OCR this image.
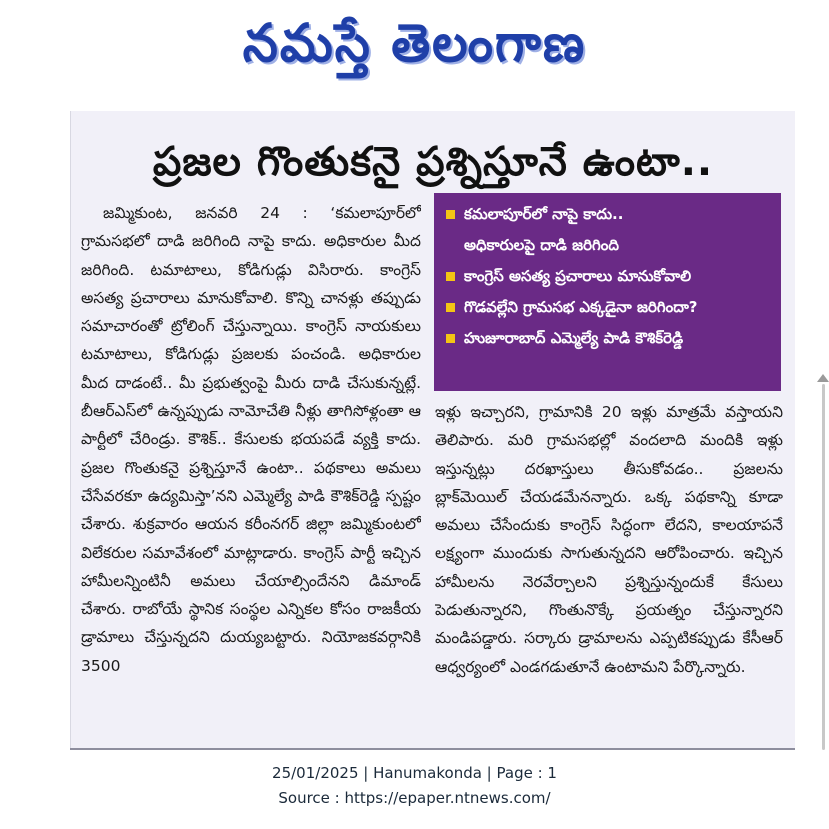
నమస్తే తెలంగాణ
ప్రజల గొంతుకనై ప్రశ్నిస్తూనే ఉంటా..
జమ్మికుంట, జనవరి 24 : ‘కమలాపూర్‌లో గ్రామసభలో దాడి జరిగింది నాపై కాదు. అధికారుల మీద జరిగింది. టమాటాలు, కోడిగుడ్లు విసిరారు. కాంగ్రెస్ అసత్య ప్రచారాలు మానుకోవాలి. కొన్ని చానళ్లు తప్పుడు సమాచారంతో ట్రోలింగ్ చేస్తున్నాయి. కాంగ్రెస్ నాయకులు టమాటాలు, కోడిగుడ్లు ప్రజలకు పంచండి. అధికారుల మీద దాడంటే.. మీ ప్రభుత్వంపై మీరు దాడి చేసుకున్నట్లే. బీఆర్‌ఎస్‌లో ఉన్నప్పుడు నామోచేతి నీళ్లు తాగిసోళ్లంతా ఆ పార్టీలో చేరిండ్రు. కౌశిక్.. కేసులకు భయపడే వ్యక్తి కాదు. ప్రజల గొంతుకనై ప్రశ్నిస్తూనే ఉంటా.. పథకాలు అమలు చేసేవరకూ ఉద్యమిస్తా’నని ఎమ్మెల్యే పాడి కౌశిక్‌రెడ్డి స్పష్టం చేశారు. శుక్రవారం ఆయన కరీంనగర్ జిల్లా జమ్మికుంటలో విలేకరుల సమావేశంలో మాట్లాడారు. కాంగ్రెస్ పార్టీ ఇచ్చిన హామీలన్నింటినీ అమలు చేయాల్సిందేనని డిమాండ్ చేశారు. రాబోయే స్థానిక సంస్థల ఎన్నికల కోసం రాజకీయ డ్రామాలు చేస్తున్నదని దుయ్యబట్టారు. నియోజకవర్గానికి 3500
కమలాపూర్‌లో నాపై కాదు..
అధికారులపై దాడి జరిగింది
కాంగ్రెస్ అసత్య ప్రచారాలు మానుకోవాలి
గొడవల్లేని గ్రామసభ ఎక్కడైనా జరిగిందా?
హుజూరాబాద్ ఎమ్మెల్యే పాడి కౌశిక్‌రెడ్డి
ఇళ్లు ఇచ్చారని, గ్రామానికి 20 ఇళ్లు మాత్రమే వస్తాయని తెలిపారు. మరి గ్రామసభల్లో వందలాది మందికి ఇళ్లు ఇస్తున్నట్లు దరఖాస్తులు తీసుకోవడం.. ప్రజలను బ్లాక్‌మెయిల్ చేయడమేనన్నారు. ఒక్క పథకాన్ని కూడా అమలు చేసేందుకు కాంగ్రెస్ సిద్ధంగా లేదని, కాలయాపనే లక్ష్యంగా ముందుకు సాగుతున్నదని ఆరోపించారు. ఇచ్చిన హామీలను నెరవేర్చాలని ప్రశ్నిస్తున్నందుకే కేసులు పెడుతున్నారని, గొంతునొక్కే ప్రయత్నం చేస్తున్నారని మండిపడ్డారు. సర్కారు డ్రామాలను ఎప్పటికప్పుడు కేసీఆర్ ఆధ్వర్యంలో ఎండగడుతూనే ఉంటామని పేర్కొన్నారు.
25/01/2025 | Hanumakonda | Page : 1
Source : https://epaper.ntnews.com/
